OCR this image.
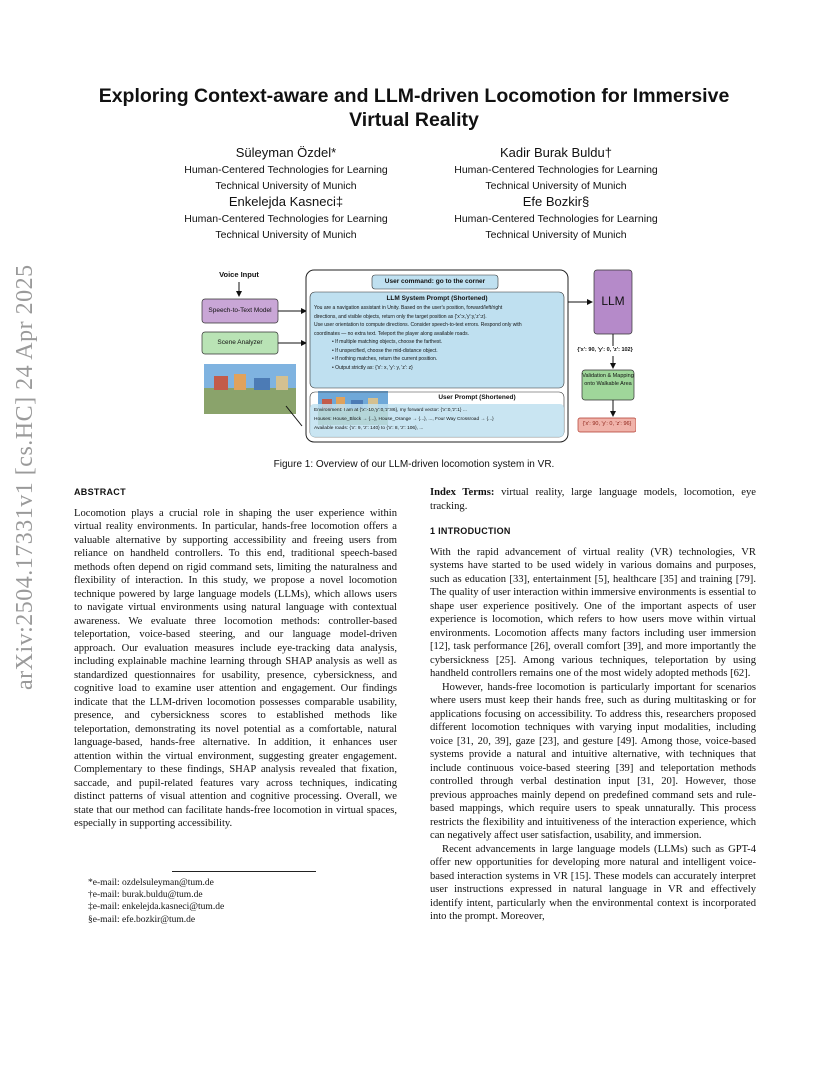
arXiv:2504.17331v1 [cs.HC] 24 Apr 2025
Exploring Context-aware and LLM-driven Locomotion for Immersive Virtual Reality
Süleyman Özdel*
Human-Centered Technologies for Learning
Technical University of Munich
Kadir Burak Buldu†
Human-Centered Technologies for Learning
Technical University of Munich
Enkelejda Kasneci‡
Human-Centered Technologies for Learning
Technical University of Munich
Efe Bozkir§
Human-Centered Technologies for Learning
Technical University of Munich
Voice Input
Speech-to-Text Model
Scene Analyzer
User command: go to the corner
LLM System Prompt (Shortened)
You are a navigation assistant in Unity. Based on the user's position, forward/left/right
directions, and visible objects, return only the target position as {'x':x,'y':y,'z':z}.
Use user orientation to compute directions. Consider speech-to-text errors. Respond only with
coordinates — no extra text. Teleport the player along available roads.
• If multiple matching objects, choose the farthest.
• If unspecified, choose the mid-distance object.
• If nothing matches, return the current position.
• Output strictly as: {'x': x, 'y': y, 'z': z}
User Prompt (Shortened)
Environment: I am at {'x':-10,'y':0,'z':86}, my forward vector: {'x':0,'z':1} ...
Houses: House_Block → {...}, House_Orange → {...}, ..., Four Way Crossroad → {...}
Available roads: {'x': 9, 'z': 140} to {'x': 8, 'z': 106}, ...
LLM
{'x': 90, 'y': 0, 'z': 102}
Validation & Mapping onto Walkable Area
{'x': 90, 'y': 0, 'z': 96}
Figure 1: Overview of our LLM-driven locomotion system in VR.
ABSTRACT

Locomotion plays a crucial role in shaping the user experience within virtual reality environments. In particular, hands-free locomotion offers a valuable alternative by supporting accessibility and freeing users from reliance on handheld controllers. To this end, traditional speech-based methods often depend on rigid command sets, limiting the naturalness and flexibility of interaction. In this study, we propose a novel locomotion technique powered by large language models (LLMs), which allows users to navigate virtual environments using natural language with contextual awareness. We evaluate three locomotion methods: controller-based teleportation, voice-based steering, and our language model-driven approach. Our evaluation measures include eye-tracking data analysis, including explainable machine learning through SHAP analysis as well as standardized questionnaires for usability, presence, cybersickness, and cognitive load to examine user attention and engagement. Our findings indicate that the LLM-driven locomotion possesses comparable usability, presence, and cybersickness scores to established methods like teleportation, demonstrating its novel potential as a comfortable, natural language-based, hands-free alternative. In addition, it enhances user attention within the virtual environment, suggesting greater engagement. Complementary to these findings, SHAP analysis revealed that fixation, saccade, and pupil-related features vary across techniques, indicating distinct patterns of visual attention and cognitive processing. Overall, we state that our method can facilitate hands-free locomotion in virtual spaces, especially in supporting accessibility.

*e-mail: ozdelsuleyman@tum.de
†e-mail: burak.buldu@tum.de
‡e-mail: enkelejda.kasneci@tum.de
§e-mail: efe.bozkir@tum.de

Index Terms: virtual reality, large language models, locomotion, eye tracking.

1 INTRODUCTION

With the rapid advancement of virtual reality (VR) technologies, VR systems have started to be used widely in various domains and purposes, such as education [33], entertainment [5], healthcare [35] and training [79]. The quality of user interaction within immersive environments is essential to shape user experience positively. One of the important aspects of user experience is locomotion, which refers to how users move within virtual environments. Locomotion affects many factors including user immersion [12], task performance [26], overall comfort [39], and more importantly the cybersickness [25]. Among various techniques, teleportation by using handheld controllers remains one of the most widely adopted methods [62].

However, hands-free locomotion is particularly important for scenarios where users must keep their hands free, such as during multitasking or for applications focusing on accessibility. To address this, researchers proposed different locomotion techniques with varying input modalities, including voice [31, 20, 39], gaze [23], and gesture [49]. Among those, voice-based systems provide a natural and intuitive alternative, with techniques that include continuous voice-based steering [39] and teleportation methods controlled through verbal destination input [31, 20]. However, those previous approaches mainly depend on predefined command sets and rule-based mappings, which require users to speak unnaturally. This process restricts the flexibility and intuitiveness of the interaction experience, which can negatively affect user satisfaction, usability, and immersion.

Recent advancements in large language models (LLMs) such as GPT-4 offer new opportunities for developing more natural and intelligent voice-based interaction systems in VR [15]. These models can accurately interpret user instructions expressed in natural language in VR and effectively identify intent, particularly when the environmental context is incorporated into the prompt. Moreover,
